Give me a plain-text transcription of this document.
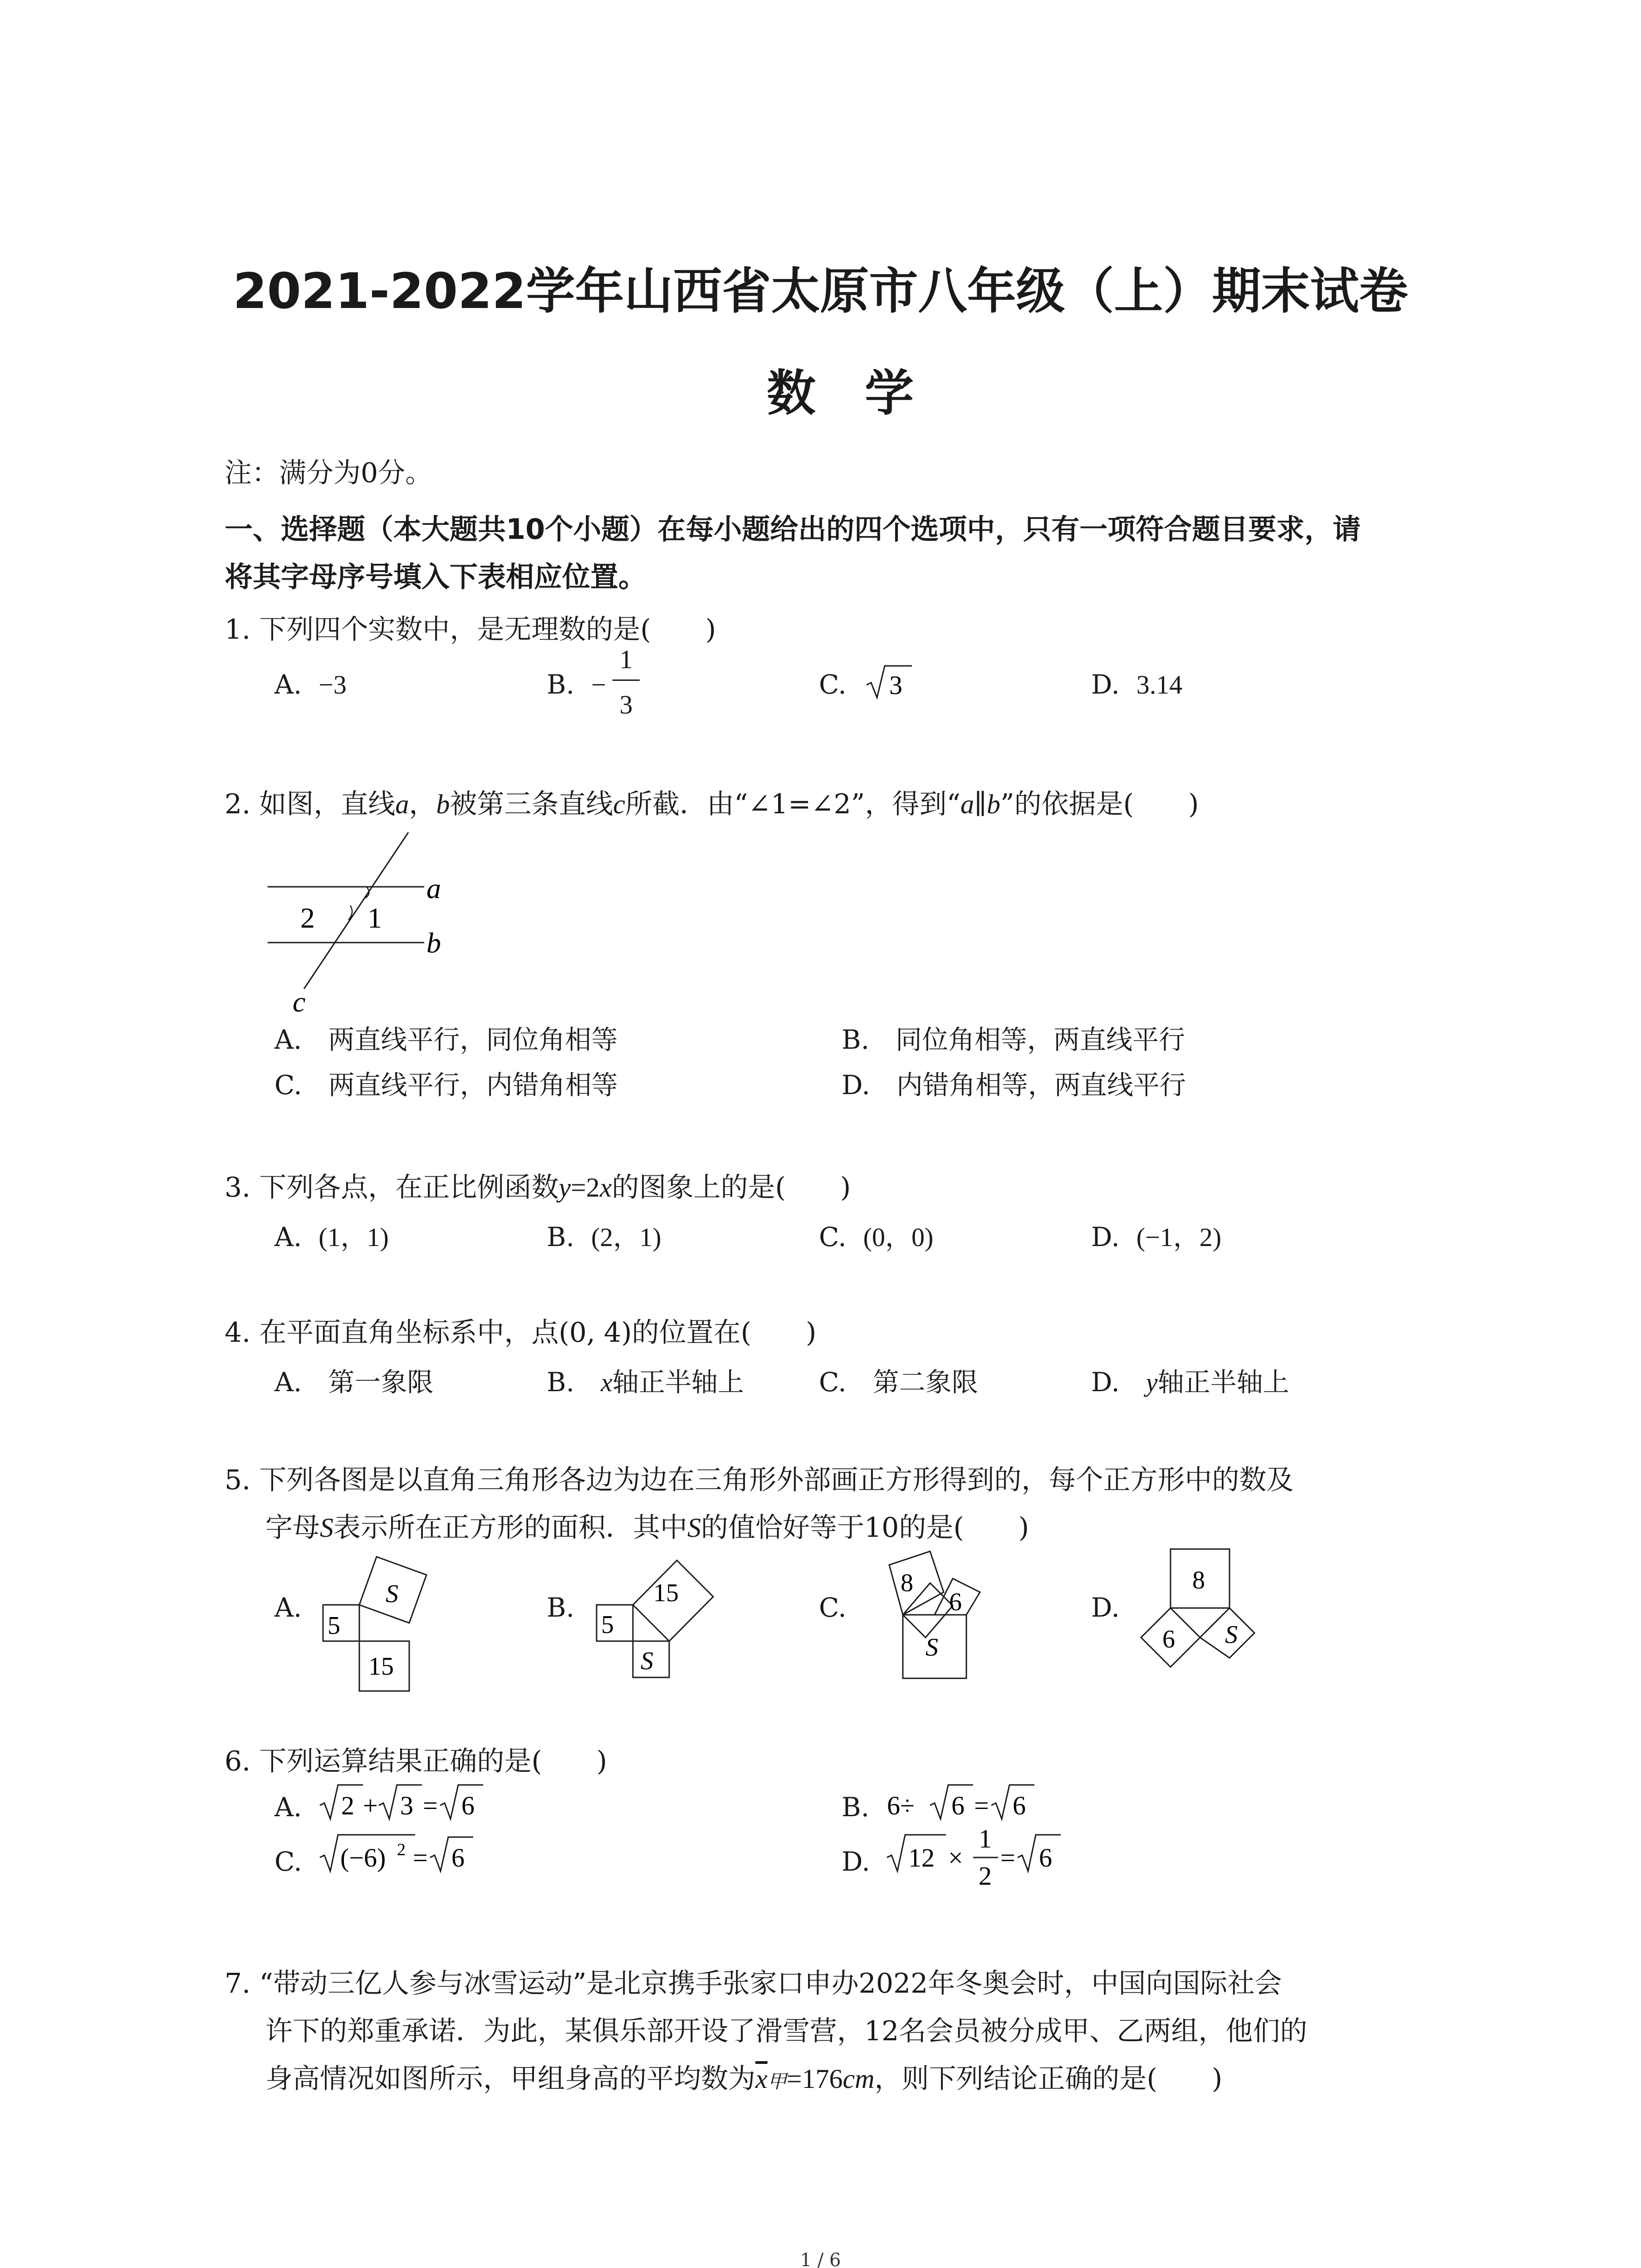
2021-2022学年山西省太原市八年级（上）期末试卷
数　学
注：满分为0分。
一、选择题（本大题共10个小题）在每小题给出的四个选项中，只有一项符合题目要求，请
将其字母序号填入下表相应位置。
1. 下列四个实数中，是无理数的是(　　)
A. −3	B. −
1
3
C. 3	D. 3.14
2. 如图，直线a，b被第三条直线c所截．由“∠1=∠2”，得到“a∥b”的依据是(　　)
2 1
a
b
c
A.　两直线平行，同位角相等	B.　同位角相等，两直线平行
C.　两直线平行，内错角相等	D.　内错角相等，两直线平行
3. 下列各点，在正比例函数y=2x的图象上的是(　　)
A. (1，1)	B. (2，1)	C. (0，0)	D. (−1，2)
4. 在平面直角坐标系中，点(0, 4)的位置在(　　)
A.　第一象限	B.　x轴正半轴上	C.　第二象限	D.　y轴正半轴上
5. 下列各图是以直角三角形各边为边在三角形外部画正方形得到的，每个正方形中的数及
字母S表示所在正方形的面积．其中S的值恰好等于10的是(　　)
A.	S
5
15
B.	15
5
S
C.
8
6
S
D.
8
6 S
6. 下列运算结果正确的是(　　)
A. 2 + 3 = 6	B. 6÷ 6 = 6
C. (−6) 2 = 6	D. 12 ×
1
2
= 6
7. “带动三亿人参与冰雪运动”是北京携手张家口申办2022年冬奥会时，中国向国际社会
许下的郑重承诺．为此，某俱乐部开设了滑雪营，12名会员被分成甲、乙两组，他们的
身高情况如图所示，甲组身高的平均数为$\overline{x}$甲=176cm，则下列结论正确的是(　　)
1 / 6
